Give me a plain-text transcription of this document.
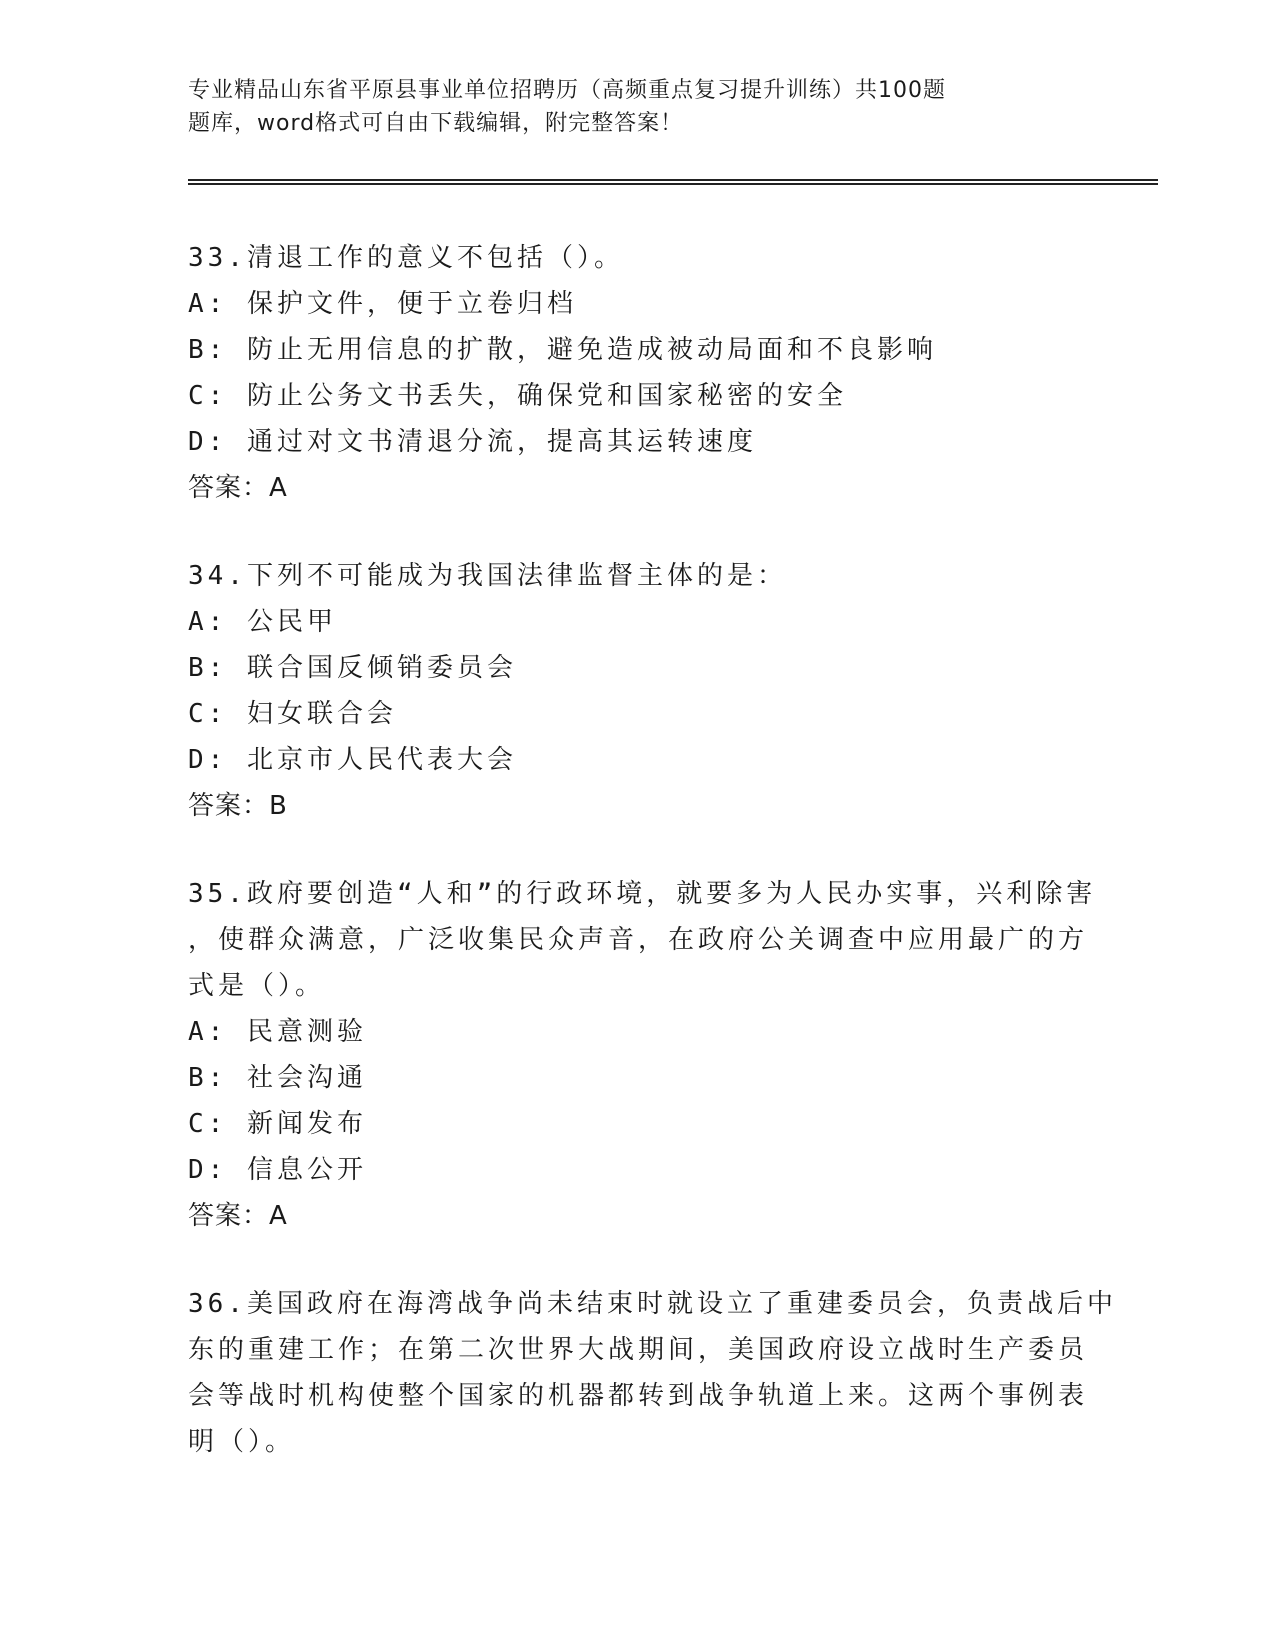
专业精品山东省平原县事业单位招聘历（高频重点复习提升训练）共100题
题库，word格式可自由下载编辑，附完整答案！
33.清退工作的意义不包括（）。
A: 保护文件，便于立卷归档
B: 防止无用信息的扩散，避免造成被动局面和不良影响
C: 防止公务文书丢失，确保党和国家秘密的安全
D: 通过对文书清退分流，提高其运转速度
答案：A
34.下列不可能成为我国法律监督主体的是：
A: 公民甲
B: 联合国反倾销委员会
C: 妇女联合会
D: 北京市人民代表大会
答案：B
35.政府要创造“人和”的行政环境，就要多为人民办实事，兴利除害
，使群众满意，广泛收集民众声音，在政府公关调查中应用最广的方
式是（）。
A: 民意测验
B: 社会沟通
C: 新闻发布
D: 信息公开
答案：A
36.美国政府在海湾战争尚未结束时就设立了重建委员会，负责战后中
东的重建工作；在第二次世界大战期间，美国政府设立战时生产委员
会等战时机构使整个国家的机器都转到战争轨道上来。这两个事例表
明（）。
